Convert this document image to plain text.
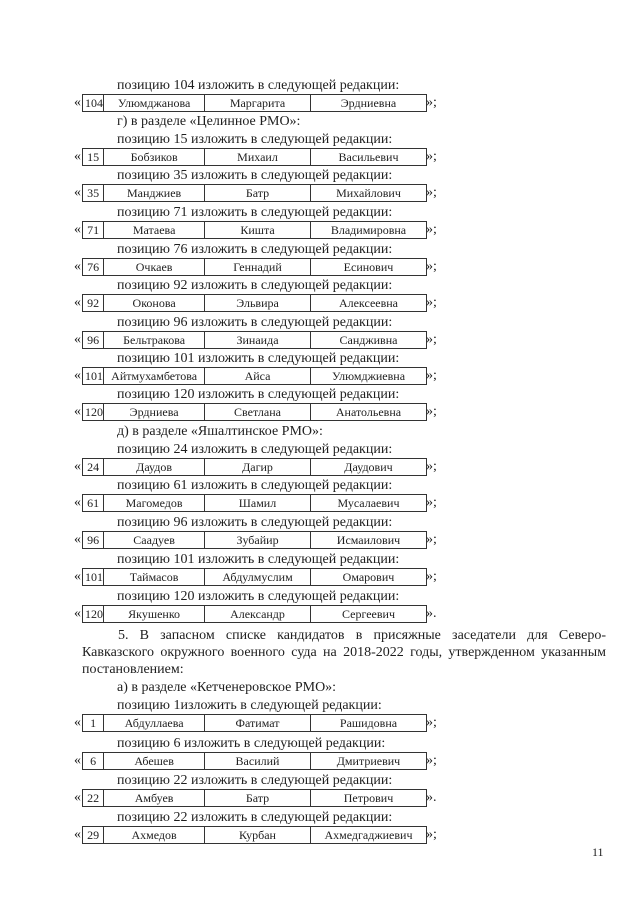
позицию 104 изложить в следующей редакции:
« 104	Улюмджанова	Маргарита	Эрдниевна »;
г) в разделе «Целинное РМО»:
позицию 15 изложить в следующей редакции:
« 15	Бобзиков	Михаил	Васильевич »;
позицию 35 изложить в следующей редакции:
« 35	Манджиев	Батр	Михайлович »;
позицию 71 изложить в следующей редакции:
« 71	Матаева	Кишта	Владимировна »;
позицию 76 изложить в следующей редакции:
« 76	Очкаев	Геннадий	Есинович »;
позицию 92 изложить в следующей редакции:
« 92	Оконова	Эльвира	Алексеевна »;
позицию 96 изложить в следующей редакции:
« 96	Бельтракова	Зинаида	Сандживна »;
позицию 101 изложить в следующей редакции:
« 101	Айтмухамбетова	Айса	Улюмджиевна »;
позицию 120 изложить в следующей редакции:
« 120	Эрдниева	Светлана	Анатольевна »;
д) в разделе «Яшалтинское РМО»:
позицию 24 изложить в следующей редакции:
« 24	Даудов	Дагир	Даудович »;
позицию 61 изложить в следующей редакции:
« 61	Магомедов	Шамил	Мусалаевич »;
позицию 96 изложить в следующей редакции:
« 96	Саадуев	Зубайир	Исмаилович »;
позицию 101 изложить в следующей редакции:
« 101	Таймасов	Абдулмуслим	Омарович »;
позицию 120 изложить в следующей редакции:
« 120	Якушенко	Александр	Сергеевич ».
5. В запасном списке кандидатов в присяжные заседатели для Северо-Кавказского окружного военного суда на 2018-2022 годы, утвержденном указанным постановлением:
а) в разделе «Кетченеровское РМО»:
позицию 1изложить в следующей редакции:
« 1	Абдуллаева	Фатимат	Рашидовна »;
позицию 6 изложить в следующей редакции:
« 6	Абешев	Василий	Дмитриевич »;
позицию 22 изложить в следующей редакции:
« 22	Амбуев	Батр	Петрович ».
позицию 22 изложить в следующей редакции:
« 29	Ахмедов	Курбан	Ахмедгаджиевич »;
11
